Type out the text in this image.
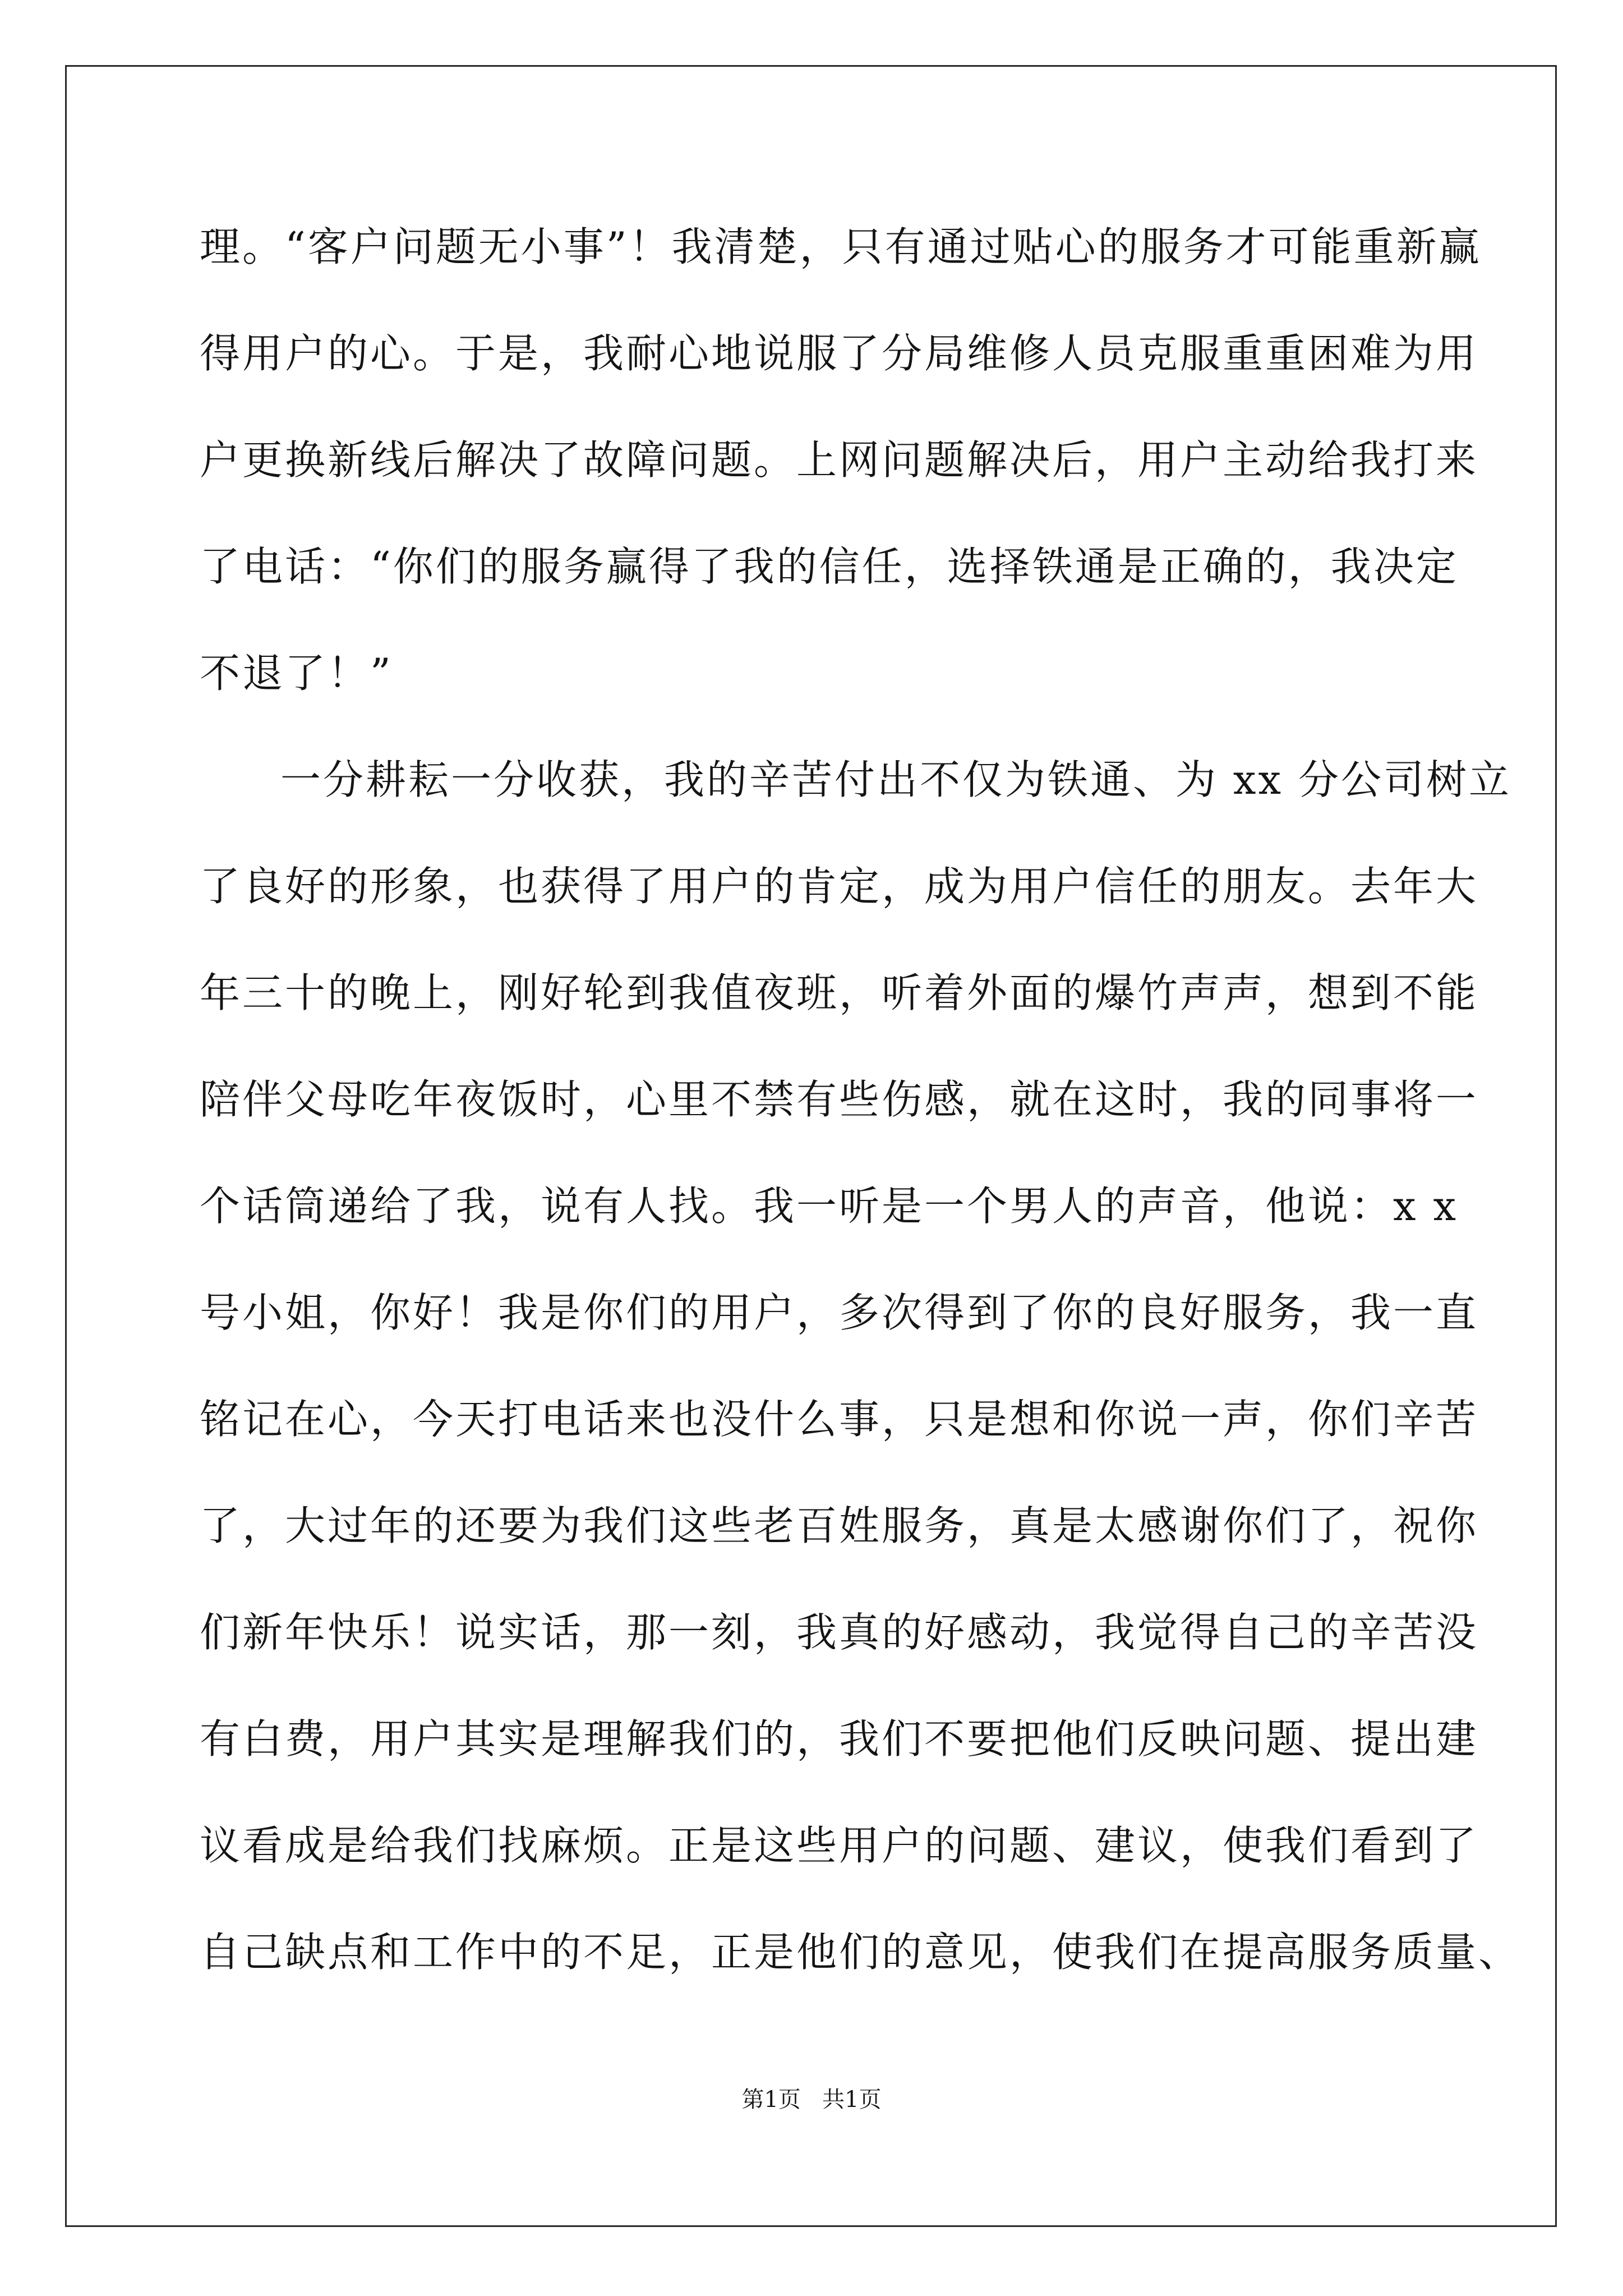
理。“客户问题无小事”！我清楚，只有通过贴心的服务才可能重新赢
得用户的心。于是，我耐心地说服了分局维修人员克服重重困难为用
户更换新线后解决了故障问题。上网问题解决后，用户主动给我打来
了电话：“你们的服务赢得了我的信任，选择铁通是正确的，我决定
不退了！”
一分耕耘一分收获，我的辛苦付出不仅为铁通、为 xx 分公司树立
了良好的形象，也获得了用户的肯定，成为用户信任的朋友。去年大
年三十的晚上，刚好轮到我值夜班，听着外面的爆竹声声，想到不能
陪伴父母吃年夜饭时，心里不禁有些伤感，就在这时，我的同事将一
个话筒递给了我，说有人找。我一听是一个男人的声音，他说：x x
号小姐，你好！我是你们的用户，多次得到了你的良好服务，我一直
铭记在心，今天打电话来也没什么事，只是想和你说一声，你们辛苦
了，大过年的还要为我们这些老百姓服务，真是太感谢你们了，祝你
们新年快乐！说实话，那一刻，我真的好感动，我觉得自己的辛苦没
有白费，用户其实是理解我们的，我们不要把他们反映问题、提出建
议看成是给我们找麻烦。正是这些用户的问题、建议，使我们看到了
自己缺点和工作中的不足，正是他们的意见，使我们在提高服务质量、
第1页   共1页
